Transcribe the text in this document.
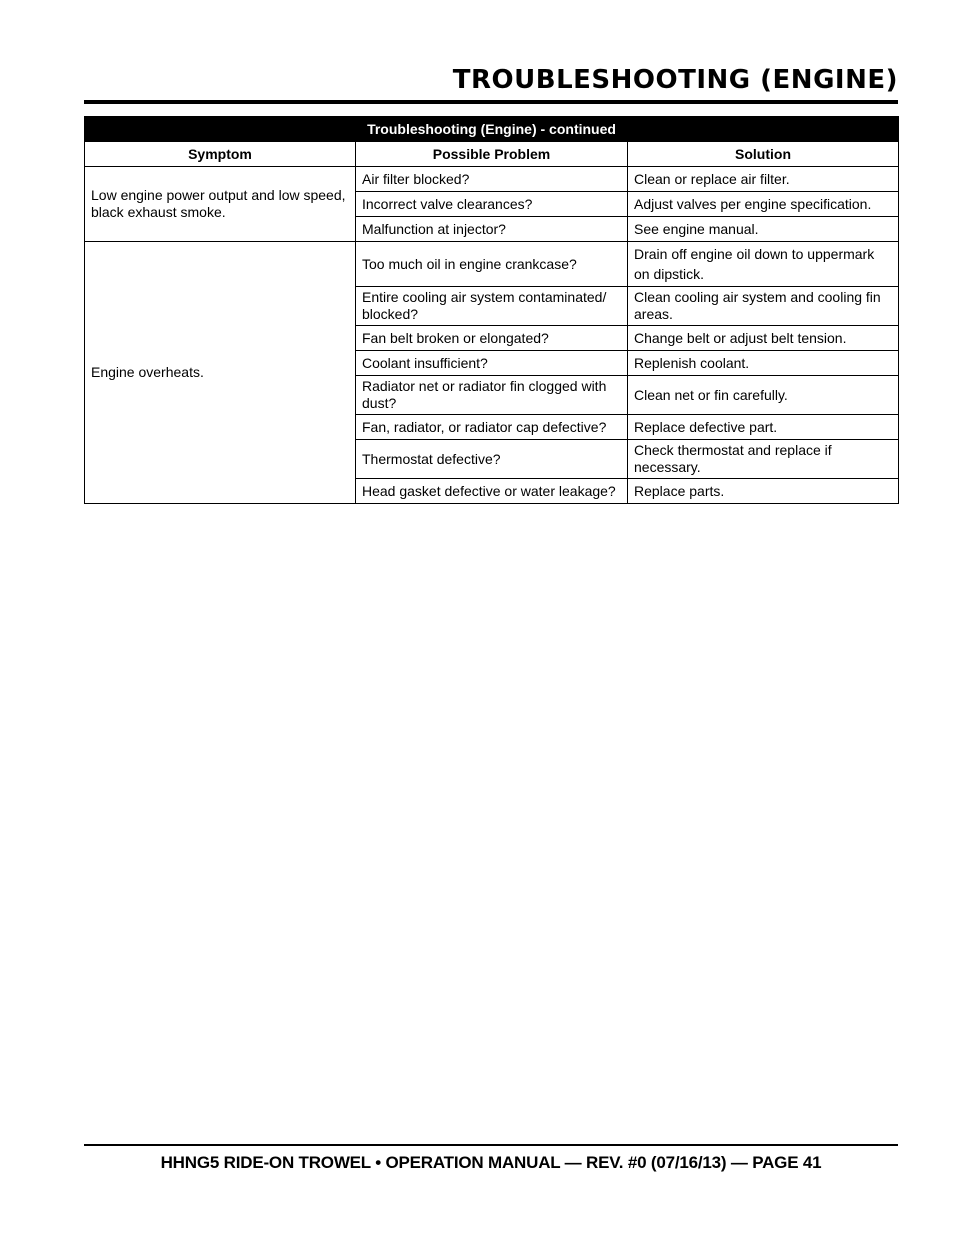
TROUBLESHOOTING (ENGINE)
Troubleshooting (Engine) - continued		
Symptom	Possible Problem	Solution
Low engine power output and low speed, black exhaust smoke.	Air filter blocked?	Clean or replace air filter.
	Incorrect valve clearances?	Adjust valves per engine specification.
	Malfunction at injector?	See engine manual.
Engine overheats.	Too much oil in engine crankcase?	Drain off engine oil down to uppermark on dipstick.
	Entire cooling air system contaminated/ blocked?	Clean cooling air system and cooling fin areas.
	Fan belt broken or elongated?	Change belt or adjust belt tension.
	Coolant insufficient?	Replenish coolant.
	Radiator net or radiator fin clogged with dust?	Clean net or fin carefully.
	Fan, radiator, or radiator cap defective?	Replace defective part.
	Thermostat defective?	Check thermostat and replace if necessary.
	Head gasket defective or water leakage?	Replace parts.
HHNG5 RIDE-ON TROWEL • OPERATION MANUAL — REV. #0 (07/16/13) — PAGE 41
